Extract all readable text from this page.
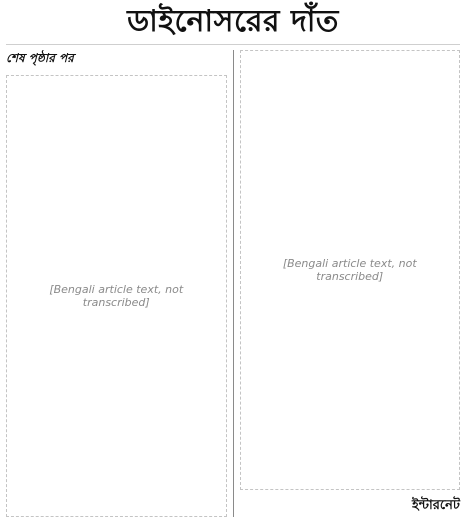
ডাইনোসরের দাঁত

শেষ পৃষ্ঠার পর

[Bengali article text, not transcribed]
[Bengali article text, not transcribed]

ইন্টারনেট
